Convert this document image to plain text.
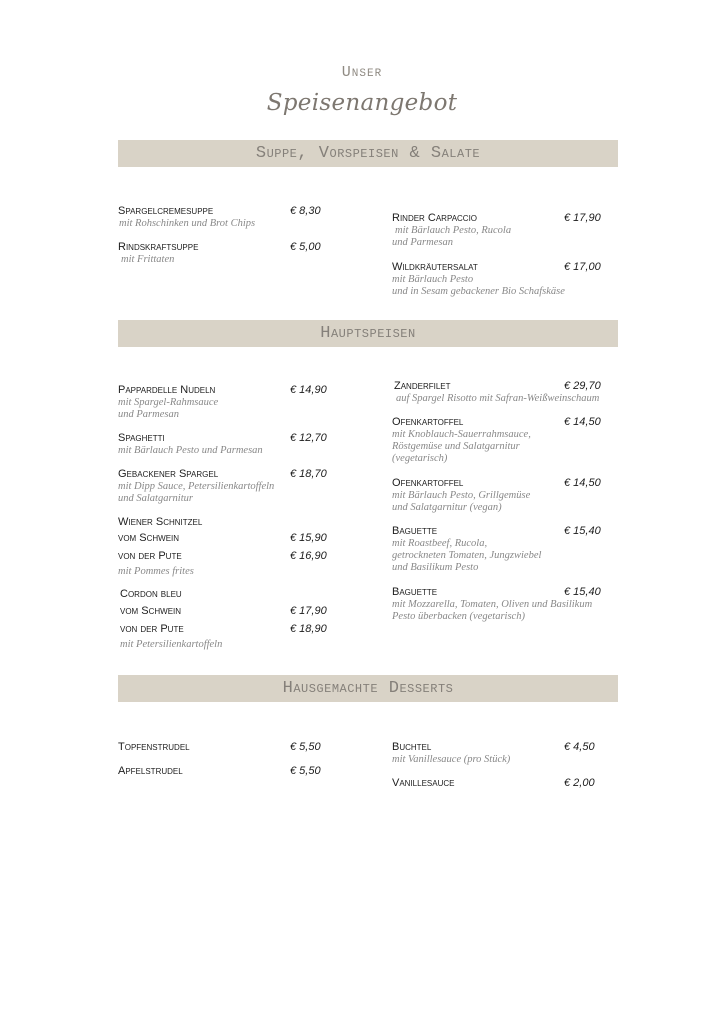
Unser
Speisenangebot
Suppe, Vorspeisen & Salate
Hauptspeisen
Hausgemachte Desserts
Spargelcremesuppe	€ 8,30
mit Rohschinken und Brot Chips
Rindskraftsuppe	€ 5,00
mit Frittaten
Rinder Carpaccio	€ 17,90
mit Bärlauch Pesto, Rucola
und Parmesan
Wildkräutersalat	€ 17,00
mit Bärlauch Pesto
und in Sesam gebackener Bio Schafskäse
Pappardelle Nudeln	€ 14,90
mit Spargel-Rahmsauce
und Parmesan
Spaghetti	€ 12,70
mit Bärlauch Pesto und Parmesan
Gebackener Spargel	€ 18,70
mit Dipp Sauce, Petersilienkartoffeln
und Salatgarnitur
Wiener Schnitzel
vom Schwein	€ 15,90
von der Pute	€ 16,90
mit Pommes frites
Cordon bleu
vom Schwein	€ 17,90
von der Pute	€ 18,90
mit Petersilienkartoffeln
Zanderfilet	€ 29,70
auf Spargel Risotto mit Safran-Weißweinschaum
Ofenkartoffel	€ 14,50
mit Knoblauch-Sauerrahmsauce,
Röstgemüse und Salatgarnitur
(vegetarisch)
Ofenkartoffel	€ 14,50
mit Bärlauch Pesto, Grillgemüse
und Salatgarnitur (vegan)
Baguette	€ 15,40
mit Roastbeef, Rucola,
getrockneten Tomaten, Jungzwiebel
und Basilikum Pesto
Baguette	€ 15,40
mit Mozzarella, Tomaten, Oliven und Basilikum
Pesto überbacken (vegetarisch)
Topfenstrudel	€ 5,50
Apfelstrudel	€ 5,50
Buchtel	€ 4,50
mit Vanillesauce (pro Stück)
Vanillesauce	€ 2,00
